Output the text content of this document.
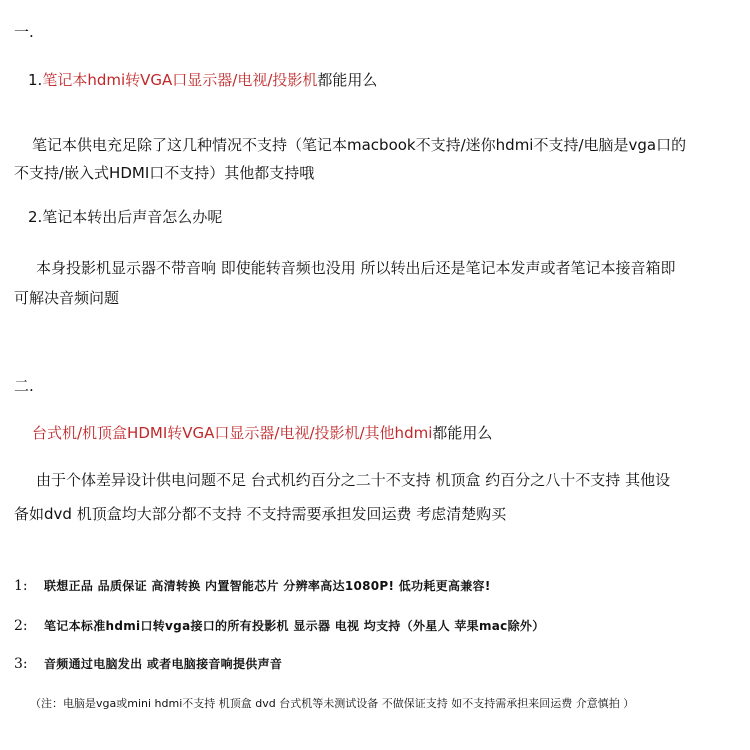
一.
1.笔记本hdmi转VGA口显示器/电视/投影机都能用么
笔记本供电充足除了这几种情况不支持（笔记本macbook不支持/迷你hdmi不支持/电脑是vga口的
不支持/嵌入式HDMI口不支持）其他都支持哦
2.笔记本转出后声音怎么办呢
本身投影机显示器不带音响 即使能转音频也没用 所以转出后还是笔记本发声或者笔记本接音箱即
可解决音频问题
二.
台式机/机顶盒HDMI转VGA口显示器/电视/投影机/其他hdmi都能用么
由于个体差异设计供电问题不足 台式机约百分之二十不支持 机顶盒 约百分之八十不支持 其他设
备如dvd 机顶盒均大部分都不支持 不支持需要承担发回运费 考虑清楚购买
1: 联想正品 品质保证 高清转换 内置智能芯片 分辨率高达1080P! 低功耗更高兼容!
2: 笔记本标准hdmi口转vga接口的所有投影机 显示器 电视 均支持（外星人 苹果mac除外）
3: 音频通过电脑发出 或者电脑接音响提供声音
（注：电脑是vga或mini hdmi不支持 机顶盒 dvd 台式机等未测试设备 不做保证支持 如不支持需承担来回运费 介意慎拍 ）
